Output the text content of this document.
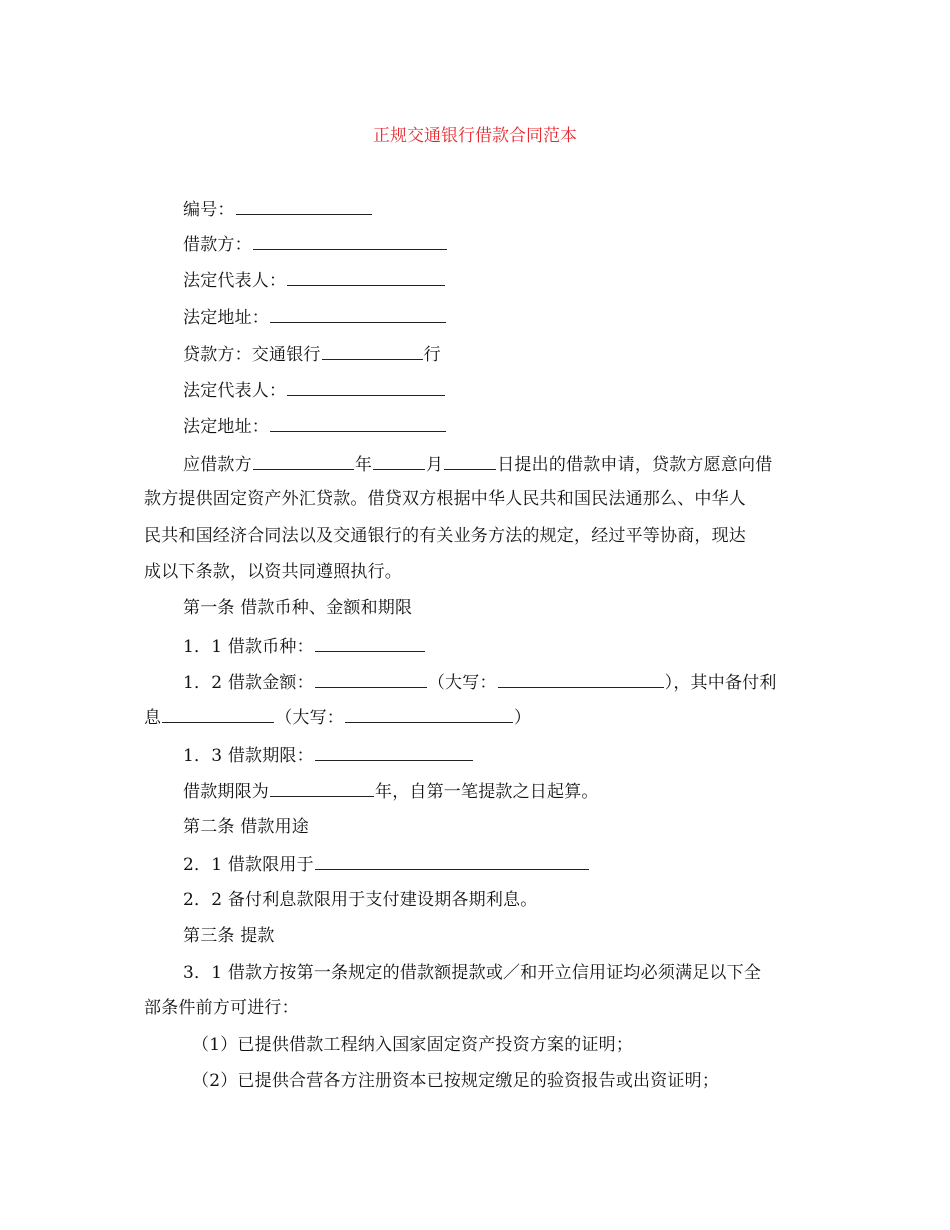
正规交通银行借款合同范本
编号：
借款方：
法定代表人：
法定地址：
贷款方：交通银行	行
法定代表人：
法定地址：
应借款方	年	月	日提出的借款申请，贷款方愿意向借
款方提供固定资产外汇贷款。借贷双方根据中华人民共和国民法通那么、中华人
民共和国经济合同法以及交通银行的有关业务方法的规定，经过平等协商，现达
成以下条款，以资共同遵照执行。
第一条 借款币种、金额和期限
1．1 借款币种：
1．2 借款金额：	（大写：	），其中备付利
息	（大写：	）
1．3 借款期限：
借款期限为	年，自第一笔提款之日起算。
第二条 借款用途
2．1 借款限用于
2．2 备付利息款限用于支付建设期各期利息。
第三条 提款
3．1 借款方按第一条规定的借款额提款或／和开立信用证均必须满足以下全
部条件前方可进行：
（1）已提供借款工程纳入国家固定资产投资方案的证明；
（2）已提供合营各方注册资本已按规定缴足的验资报告或出资证明；
